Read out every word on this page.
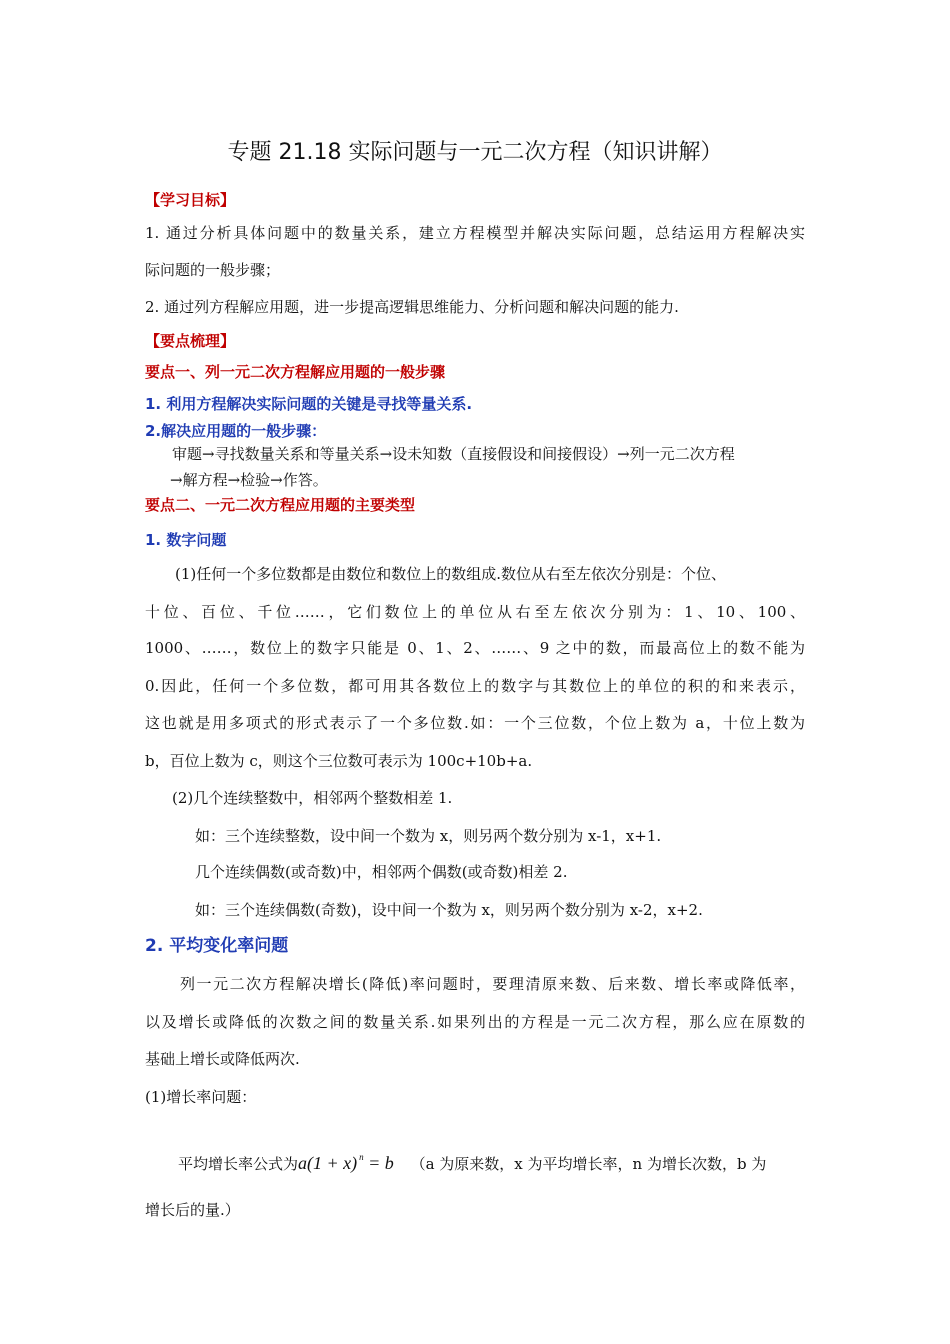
专题 21.18 实际问题与一元二次方程（知识讲解）
【学习目标】
1. 通过分析具体问题中的数量关系，建立方程模型并解决实际问题，总结运用方程解决实
际问题的一般步骤；
2. 通过列方程解应用题，进一步提高逻辑思维能力、分析问题和解决问题的能力.
【要点梳理】
要点一、列一元二次方程解应用题的一般步骤
1. 利用方程解决实际问题的关键是寻找等量关系.
2.解决应用题的一般步骤：
审题→寻找数量关系和等量关系→设未知数（直接假设和间接假设）→列一元二次方程
→解方程→检验→作答。
要点二、一元二次方程应用题的主要类型
1. 数字问题
(1)任何一个多位数都是由数位和数位上的数组成.数位从右至左依次分别是：个位、
十位、百位、千位……，它们数位上的单位从右至左依次分别为：1、10、100、
1000、……，数位上的数字只能是 0、1、2、……、9 之中的数，而最高位上的数不能为
0.因此，任何一个多位数，都可用其各数位上的数字与其数位上的单位的积的和来表示，
这也就是用多项式的形式表示了一个多位数.如：一个三位数，个位上数为 a，十位上数为
b，百位上数为 c，则这个三位数可表示为 100c+10b+a.
(2)几个连续整数中，相邻两个整数相差 1.
如：三个连续整数，设中间一个数为 x，则另两个数分别为 x-1，x+1.
几个连续偶数(或奇数)中，相邻两个偶数(或奇数)相差 2.
如：三个连续偶数(奇数)，设中间一个数为 x，则另两个数分别为 x-2，x+2.
2. 平均变化率问题
列一元二次方程解决增长(降低)率问题时，要理清原来数、后来数、增长率或降低率，
以及增长或降低的次数之间的数量关系.如果列出的方程是一元二次方程，那么应在原数的
基础上增长或降低两次.
(1)增长率问题：
平均增长率公式为a(1 + x) $^n$ = b （a 为原来数，x 为平均增长率，n 为增长次数，b 为
增长后的量.）
